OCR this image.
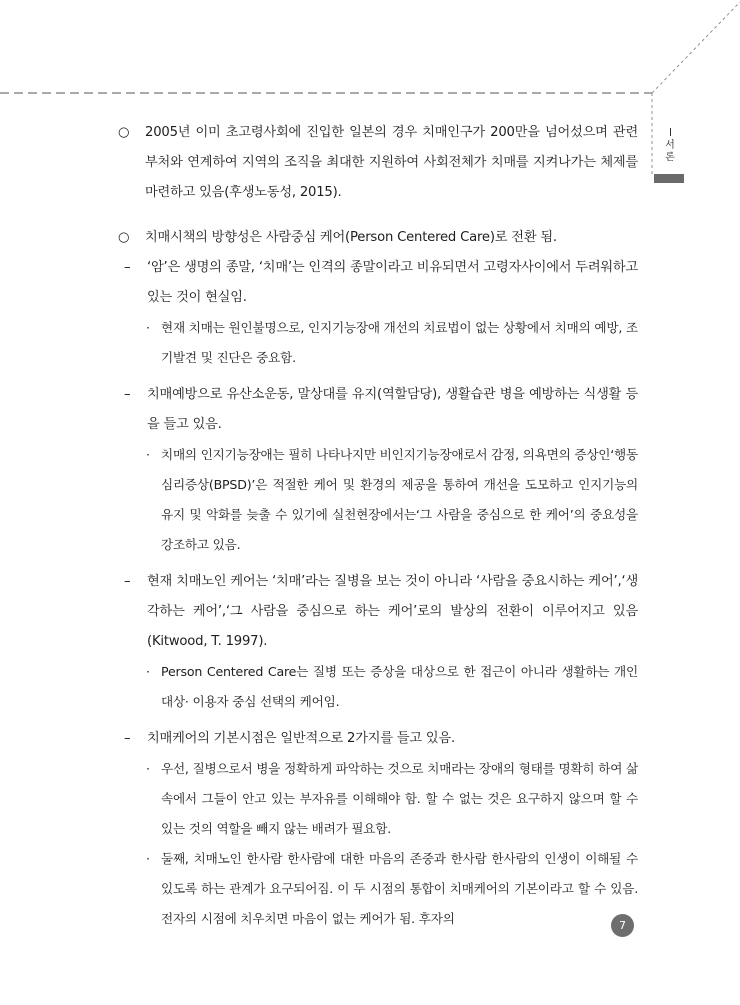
서론

○ 2005년 이미 초고령사회에 진입한 일본의 경우 치매인구가 200만을 넘어섰으며 관련부처와 연계하여 지역의 조직을 최대한 지원하여 사회전체가 치매를 지켜나가는 체제를 마련하고 있음(후생노동성, 2015).

○ 치매시책의 방향성은 사람중심 케어(Person Centered Care)로 전환 됨.

– ‘암’은 생명의 종말, ‘치매’는 인격의 종말이라고 비유되면서 고령자사이에서 두려워하고 있는 것이 현실임.

· 현재 치매는 원인불명으로, 인지기능장애 개선의 치료법이 없는 상황에서 치매의 예방, 조기발견 및 진단은 중요함.

– 치매예방으로 유산소운동, 말상대를 유지(역할담당), 생활습관 병을 예방하는 식생활 등을 들고 있음.

· 치매의 인지기능장애는 필히 나타나지만 비인지기능장애로서 감정, 의욕면의 증상인‘행동심리증상(BPSD)’은 적절한 케어 및 환경의 제공을 통하여 개선을 도모하고 인지기능의 유지 및 악화를 늦출 수 있기에 실천현장에서는‘그 사람을 중심으로 한 케어’의 중요성을 강조하고 있음.

– 현재 치매노인 케어는 ‘치매’라는 질병을 보는 것이 아니라 ‘사람을 중요시하는 케어’,‘생각하는 케어’,‘그 사람을 중심으로 하는 케어’로의 발상의 전환이 이루어지고 있음(Kitwood, T. 1997).

· Person Centered Care는 질병 또는 증상을 대상으로 한 접근이 아니라 생활하는 개인대상· 이용자 중심 선택의 케어임.

– 치매케어의 기본시점은 일반적으로 2가지를 들고 있음.

· 우선, 질병으로서 병을 정확하게 파악하는 것으로 치매라는 장애의 형태를 명확히 하여 삶속에서 그들이 안고 있는 부자유를 이해해야 함. 할 수 없는 것은 요구하지 않으며 할 수 있는 것의 역할을 빼지 않는 배려가 필요함.

· 둘째, 치매노인 한사람 한사람에 대한 마음의 존중과 한사람 한사람의 인생이 이해될 수 있도록 하는 관계가 요구되어짐. 이 두 시점의 통합이 치매케어의 기본이라고 할 수 있음. 전자의 시점에 치우치면 마음이 없는 케어가 됨. 후자의	7
